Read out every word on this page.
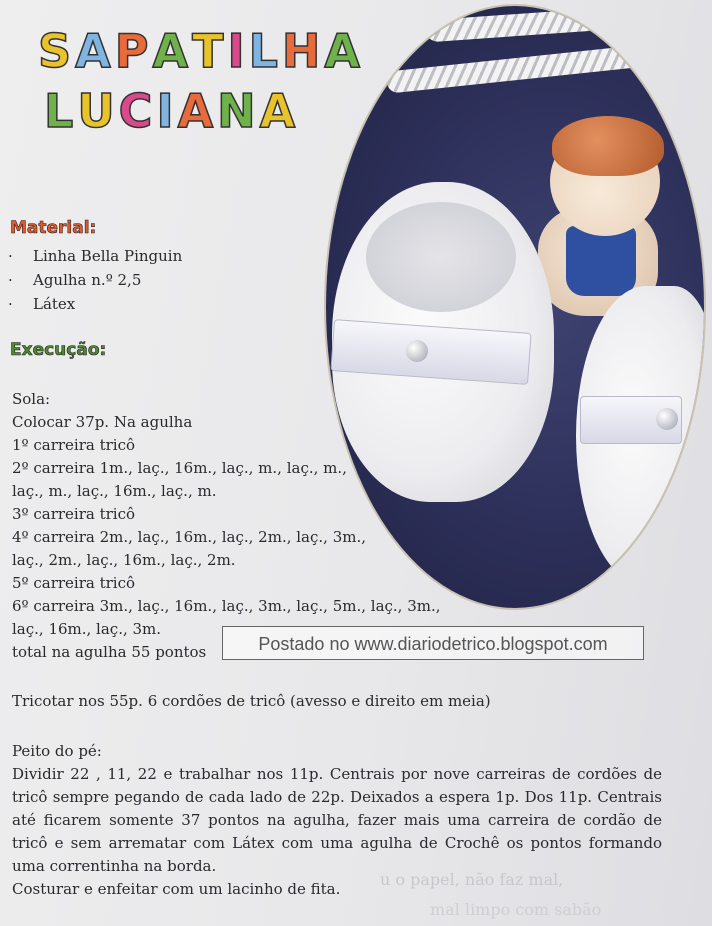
SAPATILHA
LUCIANA
Material:
· Linha Bella Pinguin
· Agulha n.º 2,5
· Látex
Execução:
Sola:
Colocar 37p. Na agulha
1º carreira tricô
2º carreira 1m., laç., 16m., laç., m., laç., m.,
laç., m., laç., 16m., laç., m.
3º carreira tricô
4º carreira 2m., laç., 16m., laç., 2m., laç., 3m.,
laç., 2m., laç., 16m., laç., 2m.
5º carreira tricô
6º carreira 3m., laç., 16m., laç., 3m., laç., 5m., laç., 3m.,
laç., 16m., laç., 3m.
total na agulha 55 pontos	Postado no www.diariodetrico.blogspot.com
Tricotar nos 55p. 6 cordões de tricô (avesso e direito em meia)

Peito do pé:

Dividir 22 , 11, 22 e trabalhar nos 11p. Centrais por nove carreiras de cordões de tricô sempre pegando de cada lado de 22p. Deixados a espera 1p. Dos 11p. Centrais até ficarem somente 37 pontos na agulha, fazer mais uma carreira de cordão de tricô e sem arrematar com Látex com uma agulha de Crochê os pontos formando uma correntinha na borda.

Costurar e enfeitar com um lacinho de fita.	u o papel, não faz mal,
mal limpo com sabão
